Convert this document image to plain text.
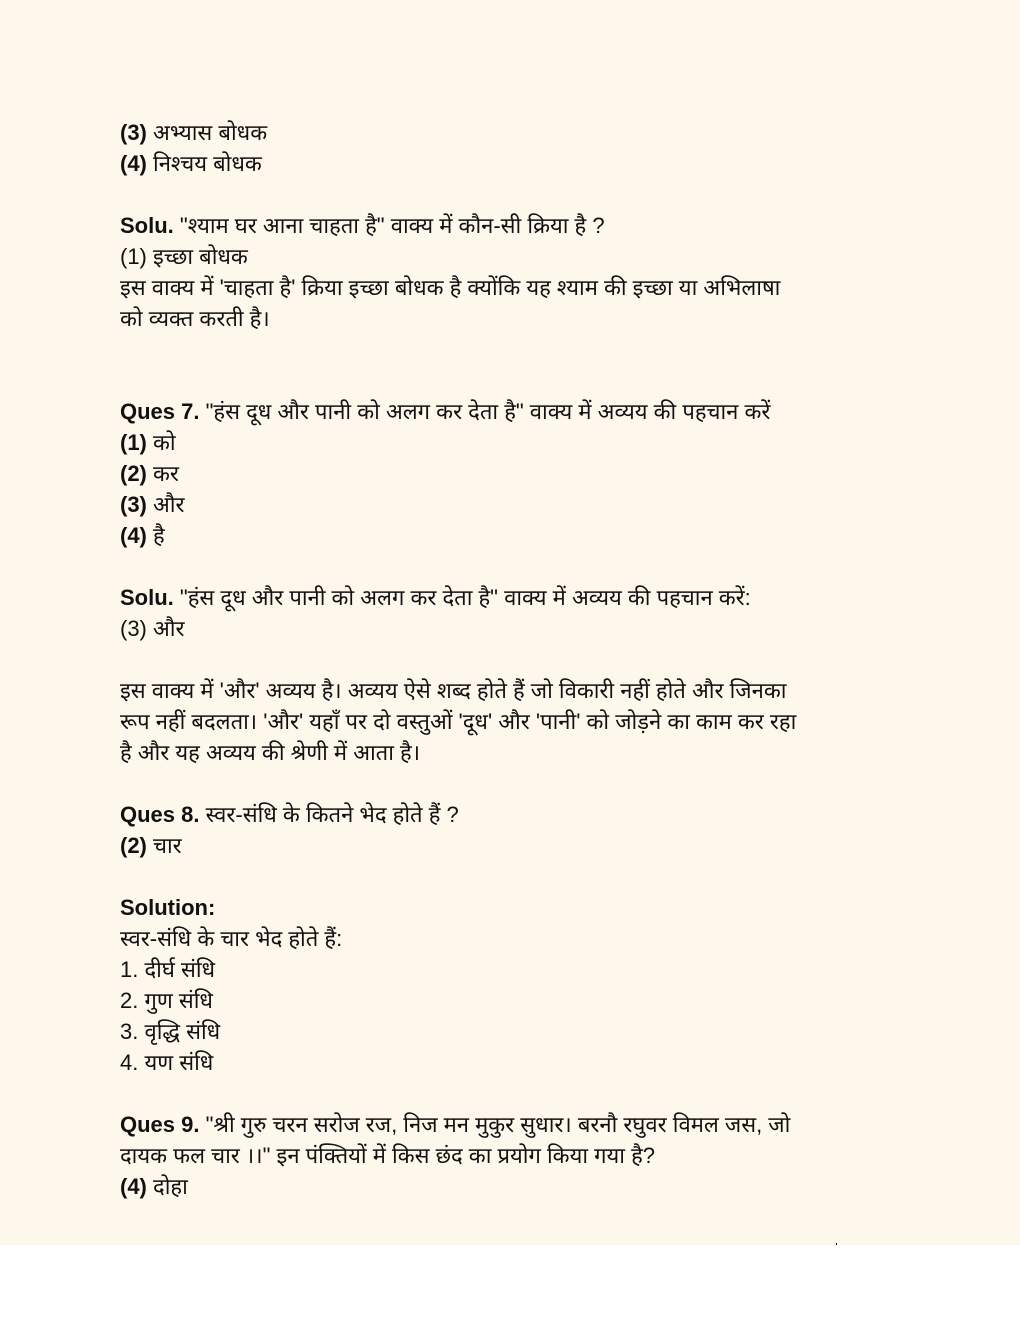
(3) अभ्यास बोधक
(4) निश्चय बोधक
Solu. "श्याम घर आना चाहता है" वाक्य में कौन-सी क्रिया है ?
(1) इच्छा बोधक
इस वाक्य में 'चाहता है' क्रिया इच्छा बोधक है क्योंकि यह श्याम की इच्छा या अभिलाषा
को व्यक्त करती है।
Ques 7. "हंस दूध और पानी को अलग कर देता है" वाक्य में अव्यय की पहचान करें
(1) को
(2) कर
(3) और
(4) है
Solu. "हंस दूध और पानी को अलग कर देता है" वाक्य में अव्यय की पहचान करें:
(3) और
इस वाक्य में 'और' अव्यय है। अव्यय ऐसे शब्द होते हैं जो विकारी नहीं होते और जिनका
रूप नहीं बदलता। 'और' यहाँ पर दो वस्तुओं 'दूध' और 'पानी' को जोड़ने का काम कर रहा
है और यह अव्यय की श्रेणी में आता है।
Ques 8. स्वर-संधि के कितने भेद होते हैं ?
(2) चार
Solution:
स्वर-संधि के चार भेद होते हैं:
1. दीर्घ संधि
2. गुण संधि
3. वृद्धि संधि
4. यण संधि
Ques 9. "श्री गुरु चरन सरोज रज, निज मन मुकुर सुधार। बरनौ रघुवर विमल जस, जो
दायक फल चार ।।" इन पंक्तियों में किस छंद का प्रयोग किया गया है?
(4) दोहा
